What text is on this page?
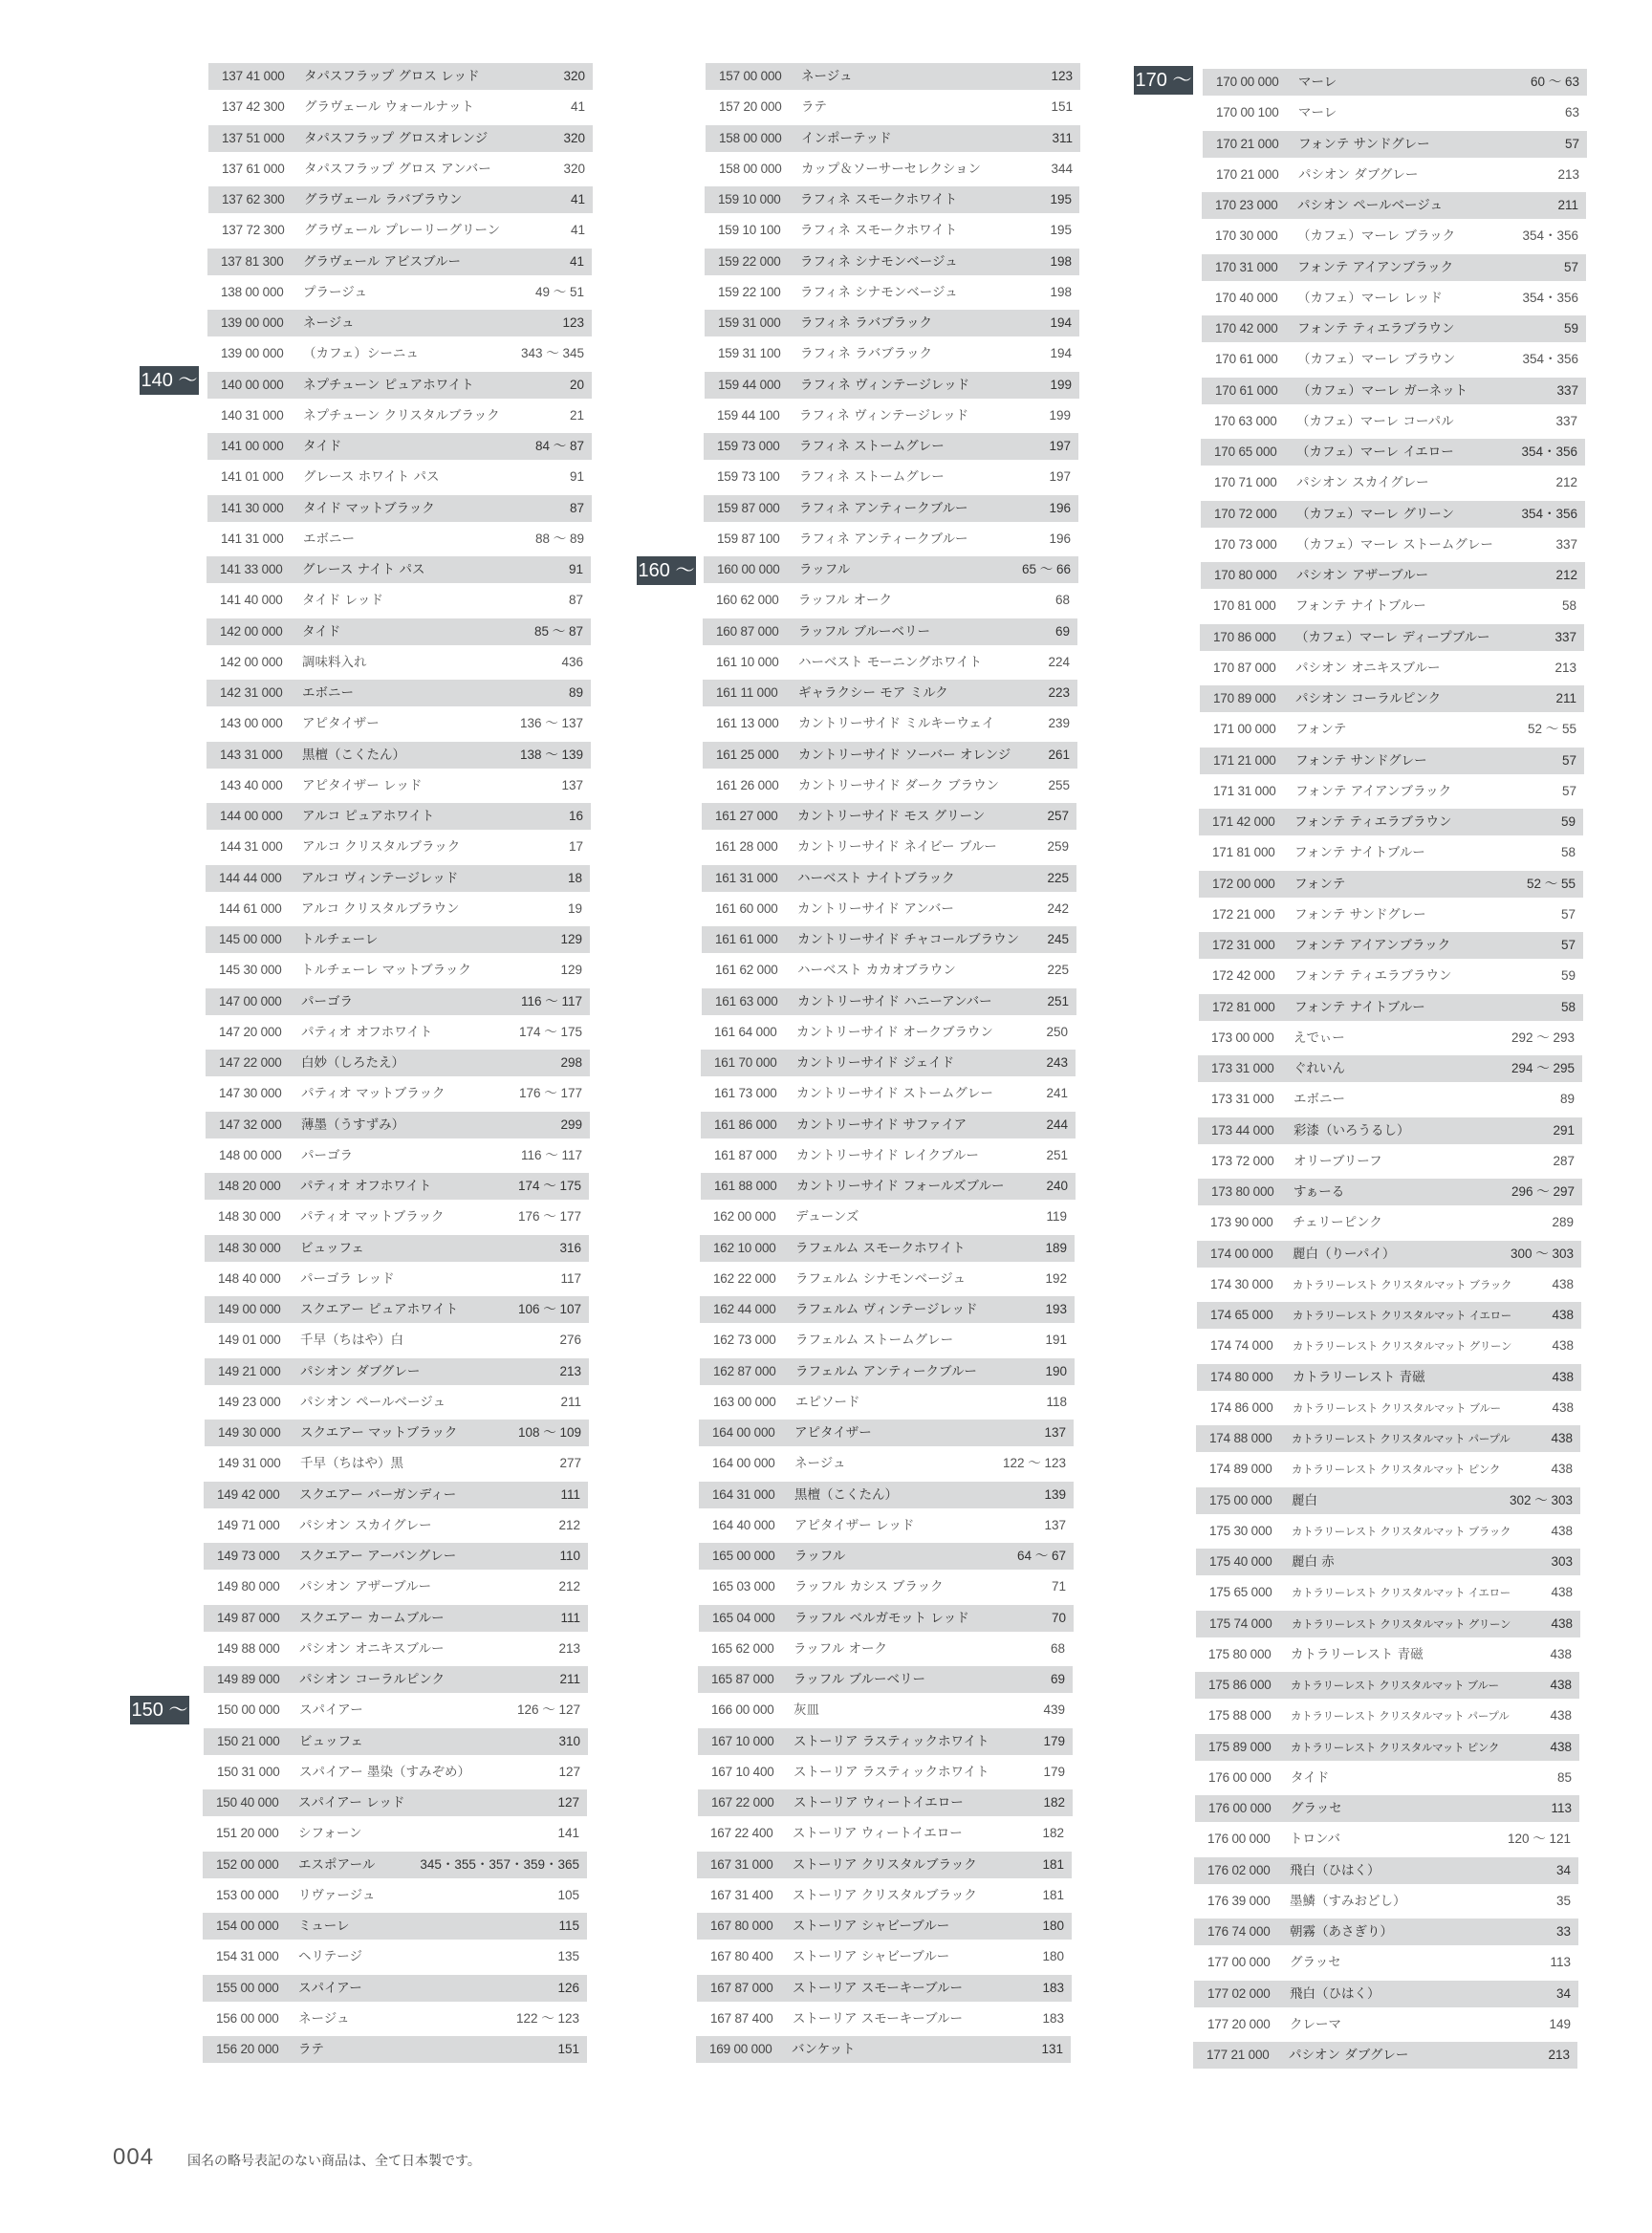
137 41 000 タパスフラップ グロス レッド	320
137 42 300 グラヴェール ウォールナット	41
137 51 000 タパスフラップ グロスオレンジ	320
137 61 000 タパスフラップ グロス アンバー	320
137 62 300 グラヴェール ラバブラウン	41
137 72 300 グラヴェール プレーリーグリーン	41
137 81 300 グラヴェール アビスブルー	41
138 00 000 プラージュ	49 ～ 51
139 00 000 ネージュ	123
139 00 000 （カフェ）シーニュ	343 ～ 345
140 00 000 ネプチューン ピュアホワイト	20
140 31 000 ネプチューン クリスタルブラック	21
141 00 000 タイド	84 ～ 87
141 01 000 グレース ホワイト パス	91
141 30 000 タイド マットブラック	87
141 31 000 エボニー	88 ～ 89
141 33 000 グレース ナイト パス	91
141 40 000 タイド レッド	87
142 00 000 タイド	85 ～ 87
142 00 000 調味料入れ	436
142 31 000 エボニー	89
143 00 000 アピタイザー	136 ～ 137
143 31 000 黒檀（こくたん）	138 ～ 139
143 40 000 アピタイザー レッド	137
144 00 000 アルコ ピュアホワイト	16
144 31 000 アルコ クリスタルブラック	17
144 44 000 アルコ ヴィンテージレッド	18
144 61 000 アルコ クリスタルブラウン	19
145 00 000 トルチェーレ	129
145 30 000 トルチェーレ マットブラック	129
147 00 000 パーゴラ	116 ～ 117
147 20 000 パティオ オフホワイト	174 ～ 175
147 22 000 白妙（しろたえ）	298
147 30 000 パティオ マットブラック	176 ～ 177
147 32 000 薄墨（うすずみ）	299
148 00 000 パーゴラ	116 ～ 117
148 20 000 パティオ オフホワイト	174 ～ 175
148 30 000 パティオ マットブラック	176 ～ 177
148 30 000 ビュッフェ	316
148 40 000 パーゴラ レッド	117
149 00 000 スクエアー ピュアホワイト	106 ～ 107
149 01 000 千早（ちはや）白	276
149 21 000 パシオン ダブグレー	213
149 23 000 パシオン ペールベージュ	211
149 30 000 スクエアー マットブラック	108 ～ 109
149 31 000 千早（ちはや）黒	277
149 42 000 スクエアー バーガンディー	111
149 71 000 パシオン スカイグレー	212
149 73 000 スクエアー アーバングレー	110
149 80 000 パシオン アザーブルー	212
149 87 000 スクエアー カームブルー	111
149 88 000 パシオン オニキスブルー	213
149 89 000 パシオン コーラルピンク	211
150 00 000 スパイアー	126 ～ 127
150 21 000 ビュッフェ	310
150 31 000 スパイアー 墨染（すみぞめ）	127
150 40 000 スパイアー レッド	127
151 20 000 シフォーン	141
152 00 000 エスポアール	345・355・357・359・365
153 00 000 リヴァージュ	105
154 00 000 ミューレ	115
154 31 000 ヘリテージ	135
155 00 000 スパイアー	126
156 00 000 ネージュ	122 ～ 123
156 20 000 ラテ	151
157 00 000 ネージュ	123
157 20 000 ラテ	151
158 00 000 インポーテッド	311
158 00 000 カップ＆ソーサーセレクション	344
159 10 000 ラフィネ スモークホワイト	195
159 10 100 ラフィネ スモークホワイト	195
159 22 000 ラフィネ シナモンベージュ	198
159 22 100 ラフィネ シナモンベージュ	198
159 31 000 ラフィネ ラバブラック	194
159 31 100 ラフィネ ラバブラック	194
159 44 000 ラフィネ ヴィンテージレッド	199
159 44 100 ラフィネ ヴィンテージレッド	199
159 73 000 ラフィネ ストームグレー	197
159 73 100 ラフィネ ストームグレー	197
159 87 000 ラフィネ アンティークブルー	196
159 87 100 ラフィネ アンティークブルー	196
160 00 000 ラッフル	65 ～ 66
160 62 000 ラッフル オーク	68
160 87 000 ラッフル ブルーベリー	69
161 10 000 ハーベスト モーニングホワイト	224
161 11 000 ギャラクシー モア ミルク	223
161 13 000 カントリーサイド ミルキーウェイ	239
161 25 000 カントリーサイド ソーバー オレンジ	261
161 26 000 カントリーサイド ダーク ブラウン	255
161 27 000 カントリーサイド モス グリーン	257
161 28 000 カントリーサイド ネイビー ブルー	259
161 31 000 ハーベスト ナイトブラック	225
161 60 000 カントリーサイド アンバー	242
161 61 000 カントリーサイド チャコールブラウン 245
161 62 000 ハーベスト カカオブラウン	225
161 63 000 カントリーサイド ハニーアンバー	251
161 64 000 カントリーサイド オークブラウン	250
161 70 000 カントリーサイド ジェイド	243
161 73 000 カントリーサイド ストームグレー	241
161 86 000 カントリーサイド サファイア	244
161 87 000 カントリーサイド レイクブルー	251
161 88 000 カントリーサイド フォールズブルー	240
162 00 000 デューンズ	119
162 10 000 ラフェルム スモークホワイト	189
162 22 000 ラフェルム シナモンベージュ	192
162 44 000 ラフェルム ヴィンテージレッド	193
162 73 000 ラフェルム ストームグレー	191
162 87 000 ラフェルム アンティークブルー	190
163 00 000 エピソード	118
164 00 000 アピタイザー	137
164 00 000 ネージュ	122 ～ 123
164 31 000 黒檀（こくたん）	139
164 40 000 アピタイザー レッド	137
165 00 000 ラッフル	64 ～ 67
165 03 000 ラッフル カシス ブラック	71
165 04 000 ラッフル ベルガモット レッド	70
165 62 000 ラッフル オーク	68
165 87 000 ラッフル ブルーベリー	69
166 00 000 灰皿	439
167 10 000 ストーリア ラスティックホワイト	179
167 10 400 ストーリア ラスティックホワイト	179
167 22 000 ストーリア ウィートイエロー	182
167 22 400 ストーリア ウィートイエロー	182
167 31 000 ストーリア クリスタルブラック	181
167 31 400 ストーリア クリスタルブラック	181
167 80 000 ストーリア シャビーブルー	180
167 80 400 ストーリア シャビーブルー	180
167 87 000 ストーリア スモーキーブルー	183
167 87 400 ストーリア スモーキーブルー	183
169 00 000 バンケット	131
170 00 000 マーレ	60 ～ 63
170 00 100 マーレ	63
170 21 000 フォンテ サンドグレー	57
170 21 000 パシオン ダブグレー	213
170 23 000 パシオン ペールベージュ	211
170 30 000 （カフェ）マーレ ブラック	354・356
170 31 000 フォンテ アイアンブラック	57
170 40 000 （カフェ）マーレ レッド	354・356
170 42 000 フォンテ ティエラブラウン	59
170 61 000 （カフェ）マーレ ブラウン	354・356
170 61 000 （カフェ）マーレ ガーネット	337
170 63 000 （カフェ）マーレ コーパル	337
170 65 000 （カフェ）マーレ イエロー	354・356
170 71 000 パシオン スカイグレー	212
170 72 000 （カフェ）マーレ グリーン	354・356
170 73 000 （カフェ）マーレ ストームグレー	337
170 80 000 パシオン アザーブルー	212
170 81 000 フォンテ ナイトブルー	58
170 86 000 （カフェ）マーレ ディープブルー	337
170 87 000 パシオン オニキスブルー	213
170 89 000 パシオン コーラルピンク	211
171 00 000 フォンテ	52 ～ 55
171 21 000 フォンテ サンドグレー	57
171 31 000 フォンテ アイアンブラック	57
171 42 000 フォンテ ティエラブラウン	59
171 81 000 フォンテ ナイトブルー	58
172 00 000 フォンテ	52 ～ 55
172 21 000 フォンテ サンドグレー	57
172 31 000 フォンテ アイアンブラック	57
172 42 000 フォンテ ティエラブラウン	59
172 81 000 フォンテ ナイトブルー	58
173 00 000 えでぃー	292 ～ 293
173 31 000 ぐれいん	294 ～ 295
173 31 000 エボニー	89
173 44 000 彩漆（いろうるし）	291
173 72 000 オリーブリーフ	287
173 80 000 すぁーる	296 ～ 297
173 90 000 チェリーピンク	289
174 00 000 麗白（りーパイ）	300 ～ 303
174 30 000 カトラリーレスト クリスタルマット ブラック	438
174 65 000 カトラリーレスト クリスタルマット イエロー	438
174 74 000 カトラリーレスト クリスタルマット グリーン	438
174 80 000 カトラリーレスト 青磁	438
174 86 000 カトラリーレスト クリスタルマット ブルー	438
174 88 000 カトラリーレスト クリスタルマット パープル	438
174 89 000 カトラリーレスト クリスタルマット ピンク	438
175 00 000 麗白	302 ～ 303
175 30 000 カトラリーレスト クリスタルマット ブラック	438
175 40 000 麗白 赤	303
175 65 000 カトラリーレスト クリスタルマット イエロー	438
175 74 000 カトラリーレスト クリスタルマット グリーン	438
175 80 000 カトラリーレスト 青磁	438
175 86 000 カトラリーレスト クリスタルマット ブルー	438
175 88 000 カトラリーレスト クリスタルマット パープル	438
175 89 000 カトラリーレスト クリスタルマット ピンク	438
176 00 000 タイド	85
176 00 000 グラッセ	113
176 00 000 トロンバ	120 ～ 121
176 02 000 飛白（ひはく）	34
176 39 000 墨鱗（すみおどし）	35
176 74 000 朝霧（あさぎり）	33
177 00 000 グラッセ	113
177 02 000 飛白（ひはく）	34
177 20 000 クレーマ	149
177 21 000 パシオン ダブグレー	213
140 ～
150 ～
160 ～
170 ～
004 国名の略号表記のない商品は、全て日本製です。
